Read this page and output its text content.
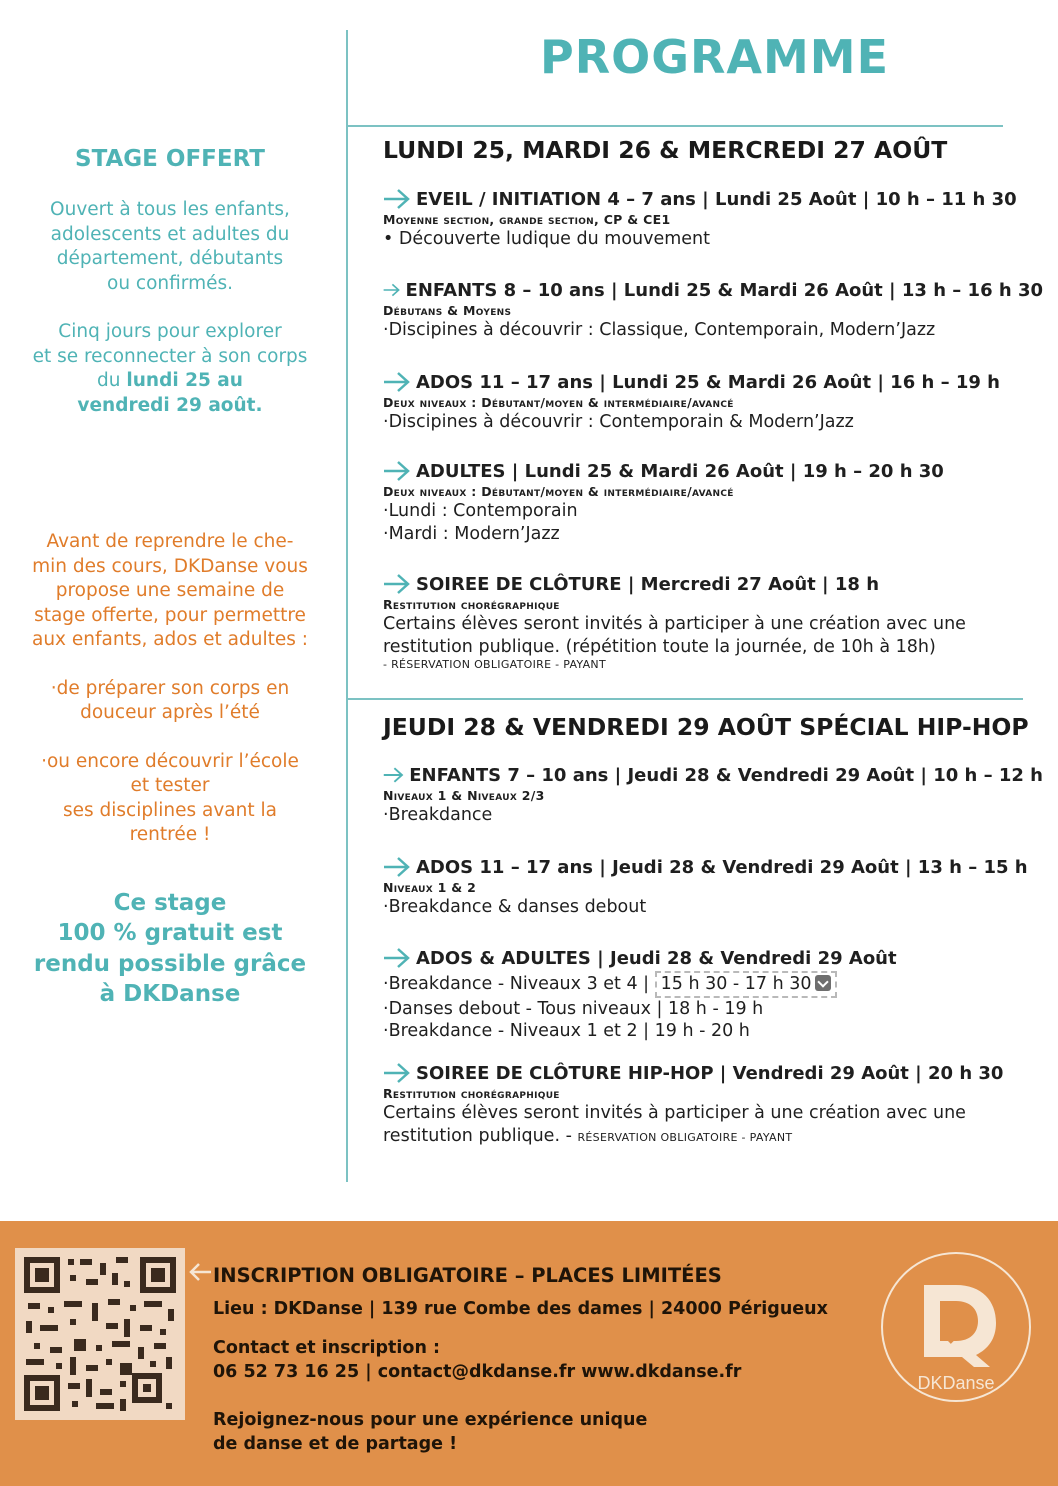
STAGE OFFERT
Ouvert à tous les enfants,
adolescents et adultes du
département, débutants
ou confirmés.
Cinq jours pour explorer
et se reconnecter à son corps
du lundi 25 au
vendredi 29 août.
Avant de reprendre le che-
min des cours, DKDanse vous
propose une semaine de
stage offerte, pour permettre
aux enfants, ados et adultes :
·de préparer son corps en
douceur après l’été
·ou encore découvrir l’école
et tester
ses disciplines avant la
rentrée !
Ce stage
100 % gratuit est
rendu possible grâce
à DKDanse
PROGRAMME
LUNDI 25, MARDI 26 & MERCREDI 27 AOÛT
EVEIL / INITIATION 4 – 7 ans | Lundi 25 Août | 10 h – 11 h 30
Moyenne section, grande section, CP & CE1
• Découverte ludique du mouvement
ENFANTS 8 – 10 ans | Lundi 25 & Mardi 26 Août | 13 h – 16 h 30
Débutans & Moyens
·Discipines à découvrir : Classique, Contemporain, Modern’Jazz
ADOS 11 – 17 ans | Lundi 25 & Mardi 26 Août | 16 h – 19 h
Deux niveaux : Débutant/moyen & intermédiaire/avancé
·Discipines à découvrir : Contemporain & Modern’Jazz
ADULTES | Lundi 25 & Mardi 26 Août | 19 h – 20 h 30
Deux niveaux : Débutant/moyen & intermédiaire/avancé
·Lundi : Contemporain
·Mardi : Modern’Jazz
SOIREE DE CLÔTURE | Mercredi 27 Août | 18 h
Restitution chorégraphique
Certains élèves seront invités à participer à une création avec une
restitution publique. (répétition toute la journée, de 10h à 18h)
- RÉSERVATION OBLIGATOIRE - PAYANT
JEUDI 28 & VENDREDI 29 AOÛT SPÉCIAL HIP-HOP
ENFANTS 7 – 10 ans | Jeudi 28 & Vendredi 29 Août | 10 h – 12 h
Niveaux 1 & Niveaux 2/3
·Breakdance
ADOS 11 – 17 ans | Jeudi 28 & Vendredi 29 Août | 13 h – 15 h
Niveaux 1 & 2
·Breakdance & danses debout
ADOS & ADULTES | Jeudi 28 & Vendredi 29 Août
·Breakdance - Niveaux 3 et 4 | 15 h 30 - 17 h 30
·Danses debout - Tous niveaux | 18 h - 19 h
·Breakdance - Niveaux 1 et 2 | 19 h - 20 h
SOIREE DE CLÔTURE HIP-HOP | Vendredi 29 Août | 20 h 30
Restitution chorégraphique
Certains élèves seront invités à participer à une création avec une
restitution publique. - RÉSERVATION OBLIGATOIRE - PAYANT
INSCRIPTION OBLIGATOIRE – PLACES LIMITÉES
Lieu : DKDanse | 139 rue Combe des dames | 24000 Périgueux
Contact et inscription :
06 52 73 16 25 | contact@dkdanse.fr www.dkdanse.fr
Rejoignez-nous pour une expérience unique
de danse et de partage !
DKDanse
